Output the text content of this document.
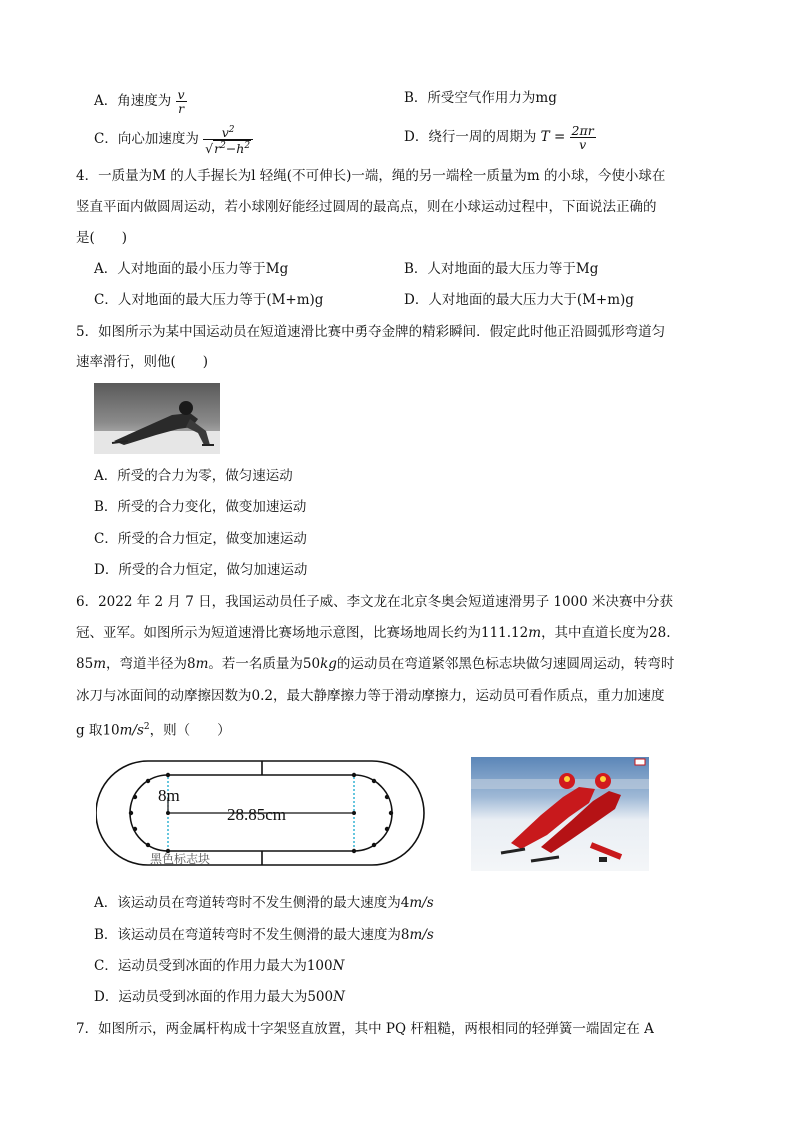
A．角速度为 $\frac{v}{r}$	B．所受空气作用力为mg
C．向心加速度为 $\frac{v^2}{√r^2-h^2}$	D．绕行一周的周期为 $T = \frac{2\pi r}{v}$
4．一质量为M 的人手握长为l 轻绳(不可伸长)一端，绳的另一端栓一质量为m 的小球，今使小球在
竖直平面内做圆周运动，若小球刚好能经过圆周的最高点，则在小球运动过程中，下面说法正确的
是(　　)
A．人对地面的最小压力等于Mg	B．人对地面的最大压力等于Mg
C．人对地面的最大压力等于(M+m)g	D．人对地面的最大压力大于(M+m)g
5．如图所示为某中国运动员在短道速滑比赛中勇夺金牌的精彩瞬间．假定此时他正沿圆弧形弯道匀
速率滑行，则他(　　)
A．所受的合力为零，做匀速运动
B．所受的合力变化，做变加速运动
C．所受的合力恒定，做变加速运动
D．所受的合力恒定，做匀加速运动
6．2022 年 2 月 7 日，我国运动员任子威、李文龙在北京冬奥会短道速滑男子 1000 米决赛中分获
冠、亚军。如图所示为短道速滑比赛场地示意图，比赛场地周长约为111.12m，其中直道长度为28.
85m，弯道半径为8m。若一名质量为50kg的运动员在弯道紧邻黑色标志块做匀速圆周运动，转弯时
冰刀与冰面间的动摩擦因数为0.2，最大静摩擦力等于滑动摩擦力，运动员可看作质点，重力加速度
g 取$10m/s^2$，则（　　）
8m
28.85cm
黑色标志块
A．该运动员在弯道转弯时不发生侧滑的最大速度为4m/s
B．该运动员在弯道转弯时不发生侧滑的最大速度为8m/s
C．运动员受到冰面的作用力最大为100N
D．运动员受到冰面的作用力最大为500N
7．如图所示，两金属杆构成十字架竖直放置，其中 PQ 杆粗糙，两根相同的轻弹簧一端固定在 A
